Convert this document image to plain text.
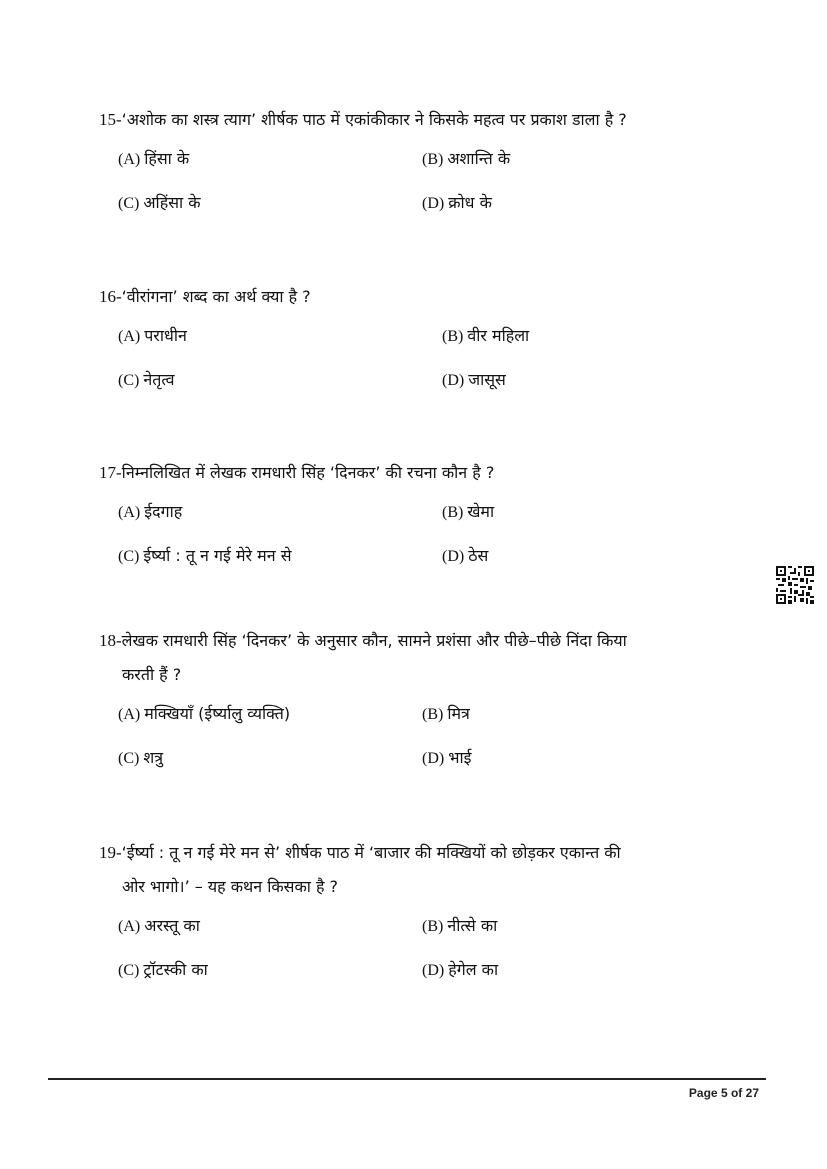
15-‘अशोक का शस्त्र त्याग’ शीर्षक पाठ में एकांकीकार ने किसके महत्व पर प्रकाश डाला है ?

(A) हिंसा के	(B) अशान्ति के
(C) अहिंसा के	(D) क्रोध के

16-‘वीरांगना’ शब्द का अर्थ क्या है ?

(A) पराधीन	(B) वीर महिला
(C) नेतृत्व	(D) जासूस

17-निम्नलिखित में लेखक रामधारी सिंह ‘दिनकर’ की रचना कौन है ?

(A) ईदगाह	(B) खेमा
(C) ईर्ष्या : तू न गई मेरे मन से	(D) ठेस

18-लेखक रामधारी सिंह ‘दिनकर’ के अनुसार कौन, सामने प्रशंसा और पीछे–पीछे निंदा किया
करती हैं ?

(A) मक्खियाँ (ईर्ष्यालु व्यक्ति)	(B) मित्र
(C) शत्रु	(D) भाई

19-‘ईर्ष्या : तू न गई मेरे मन से’ शीर्षक पाठ में ‘बाजार की मक्खियों को छोड़कर एकान्त की
ओर भागो।’ – यह कथन किसका है ?

(A) अरस्तू का	(B) नीत्से का
(C) ट्रॉटस्की का	(D) हेगेल का
Page 5 of 27
